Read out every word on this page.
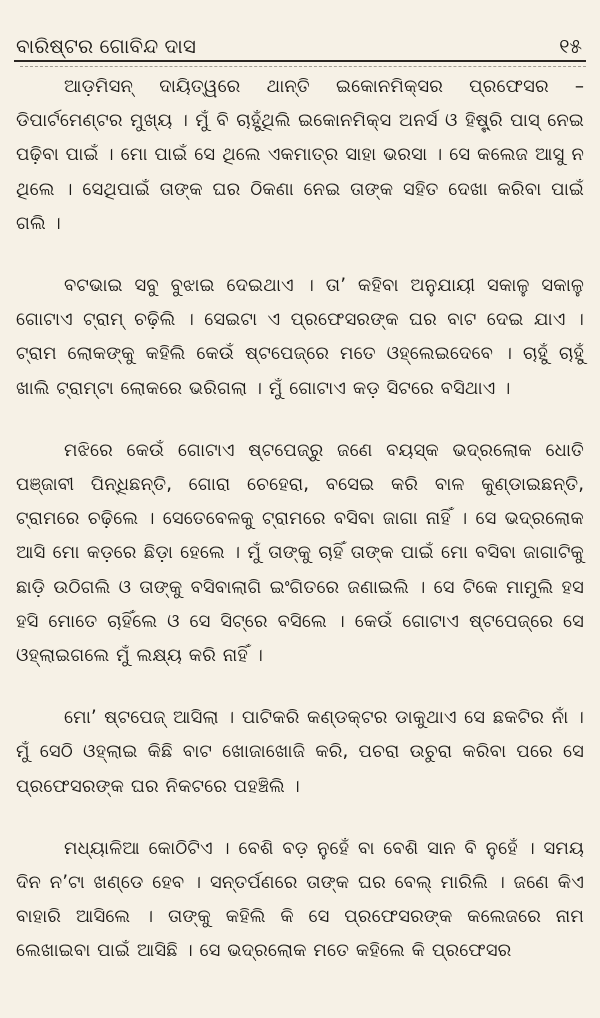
ବାରିଷ୍ଟର ଗୋବିନ୍ଦ ଦାସ	୧୫

ଆଡ଼ମିସନ୍ ଦାୟିତ୍ୱରେ ଥାନ୍ତି ଇକୋନମିକ୍ସର ପ୍ରଫେସର – ଡିପାର୍ଟମେଣ୍ଟର ମୁଖ୍ୟ । ମୁଁ ବି ଚାହୁଁଥିଲି ଇକୋନମିକ୍ସ ଅନର୍ସ ଓ ହିଷ୍ଟ୍ରି ପାସ୍ ନେଇ ପଢ଼ିବା ପାଇଁ । ମୋ ପାଇଁ ସେ ଥିଲେ ଏକମାତ୍ର ସାହା ଭରସା । ସେ କଲେଜ ଆସୁ ନ ଥିଲେ । ସେଥିପାଇଁ ତାଙ୍କ ଘର ଠିକଣା ନେଇ ତାଙ୍କ ସହିତ ଦେଖା କରିବା ପାଇଁ ଗଲି ।

ବଟଭାଇ ସବୁ ବୁଝାଇ ଦେଇଥାଏ । ତା’ କହିବା ଅନୁଯାୟୀ ସକାଳୁ ସକାଳୁ ଗୋଟାଏ ଟ୍ରାମ୍ ଚଢ଼ିଲି । ସେଇଟା ଏ ପ୍ରଫେସରଙ୍କ ଘର ବାଟ ଦେଇ ଯାଏ । ଟ୍ରାମ ଲୋକଙ୍କୁ କହିଲି କେଉଁ ଷ୍ଟପେଜ୍‌ରେ ମତେ ଓହ୍ଲେଇଦେବେ । ଚାହୁଁ ଚାହୁଁ ଖାଲି ଟ୍ରାମ୍‌ଟା ଲୋକରେ ଭରିଗଲା । ମୁଁ ଗୋଟାଏ କଡ଼ ସିଟରେ ବସିଥାଏ ।

ମଝିରେ କେଉଁ ଗୋଟାଏ ଷ୍ଟପେଜ୍‌ରୁ ଜଣେ ବୟସ୍କ ଭଦ୍ରଲୋକ ଧୋତି ପଞ୍ଜାବୀ ପିନ୍ଧିଛନ୍ତି, ଗୋରା ଚେହେରା, ବସେଇ କରି ବାଳ କୁଣ୍ଡାଇଛନ୍ତି, ଟ୍ରାମରେ ଚଢ଼ିଲେ । ସେତେବେଳକୁ ଟ୍ରାମରେ ବସିବା ଜାଗା ନାହିଁ । ସେ ଭଦ୍ରଲୋକ ଆସି ମୋ କଡ଼ରେ ଛିଡ଼ା ହେଲେ । ମୁଁ ତାଙ୍କୁ ଚାହିଁ ତାଙ୍କ ପାଇଁ ମୋ ବସିବା ଜାଗାଟିକୁ ଛାଡ଼ି ଉଠିଗଲି ଓ ତାଙ୍କୁ ବସିବାଲାଗି ଇଂଗିତରେ ଜଣାଇଲି । ସେ ଟିକେ ମାମୁଲି ହସ ହସି ମୋତେ ଚାହିଁଲେ ଓ ସେ ସିଟ୍‌ରେ ବସିଲେ । କେଉଁ ଗୋଟାଏ ଷ୍ଟପେଜ୍‌ରେ ସେ ଓହ୍ଲାଇଗଲେ ମୁଁ ଲକ୍ଷ୍ୟ କରି ନାହିଁ ।

ମୋ’ ଷ୍ଟପେଜ୍ ଆସିଲା । ପାଟିକରି କଣ୍ଡକ୍ଟର ଡାକୁଥାଏ ସେ ଛକଟିର ନାଁ । ମୁଁ ସେଠି ଓହ୍ଲାଇ କିଛି ବାଟ ଖୋଜାଖୋଜି କରି, ପଚରା ଉଚୁରା କରିବା ପରେ ସେ ପ୍ରଫେସରଙ୍କ ଘର ନିକଟରେ ପହଞ୍ଚିଲି ।

ମଧ୍ୟାଳିଆ କୋଠିଟିଏ । ବେଶି ବଡ଼ ନୁହେଁ ବା ବେଶି ସାନ ବି ନୁହେଁ । ସମୟ ଦିନ ନ’ଟା ଖଣ୍ଡେ ହେବ । ସନ୍ତର୍ପଣରେ ତାଙ୍କ ଘର ବେଲ୍ ମାରିଲି । ଜଣେ କିଏ ବାହାରି ଆସିଲେ । ତାଙ୍କୁ କହିଲି କି ସେ ପ୍ରଫେସରଙ୍କ କଲେଜରେ ନାମ ଲେଖାଇବା ପାଇଁ ଆସିଛି । ସେ ଭଦ୍ରଲୋକ ମତେ କହିଲେ କି ପ୍ରଫେସର
